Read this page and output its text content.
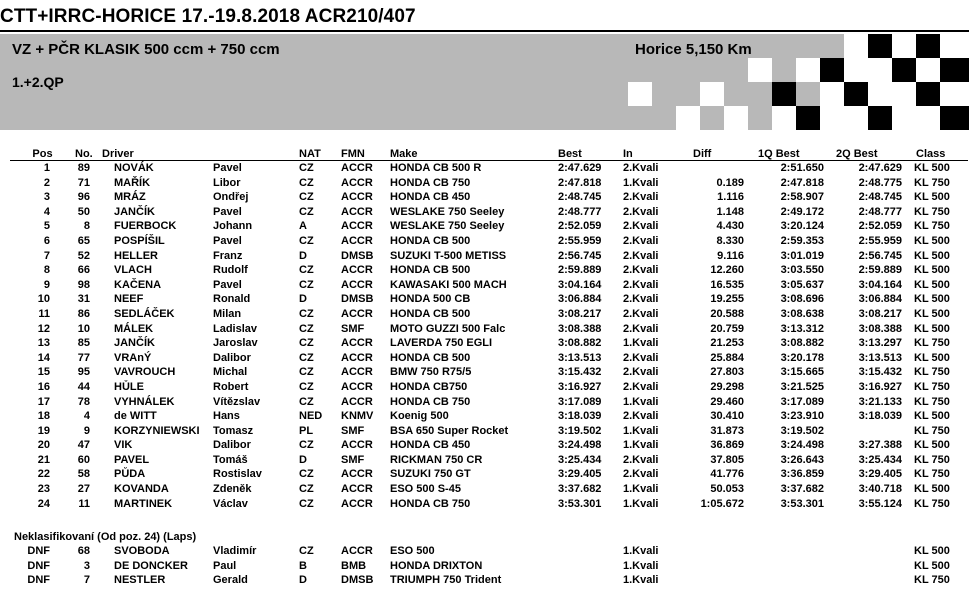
CTT+IRRC-HORICE 17.-19.8.2018 ACR210/407
VZ + PČR KLASIK 500 ccm + 750 ccm
1.+2.QP
Horice 5,150 Km
Pos	No.	Driver		NAT	FMN	Make	Best	In	Diff	1Q Best	2Q Best	Class
1	89	NOVÁK	Pavel	CZ	ACCR	HONDA CB 500 R	2:47.629	2.Kvali		2:51.650	2:47.629	KL 500
2	71	MAŘÍK	Libor	CZ	ACCR	HONDA CB 750	2:47.818	1.Kvali	0.189	2:47.818	2:48.775	KL 750
3	96	MRÁZ	Ondřej	CZ	ACCR	HONDA CB 450	2:48.745	2.Kvali	1.116	2:58.907	2:48.745	KL 500
4	50	JANČÍK	Pavel	CZ	ACCR	WESLAKE 750 Seeley	2:48.777	2.Kvali	1.148	2:49.172	2:48.777	KL 750
5	8	FUERBOCK	Johann	A	ACCR	WESLAKE 750 Seeley	2:52.059	2.Kvali	4.430	3:20.124	2:52.059	KL 750
6	65	POSPÍŠIL	Pavel	CZ	ACCR	HONDA CB 500	2:55.959	2.Kvali	8.330	2:59.353	2:55.959	KL 500
7	52	HELLER	Franz	D	DMSB	SUZUKI T-500 METISS	2:56.745	2.Kvali	9.116	3:01.019	2:56.745	KL 500
8	66	VLACH	Rudolf	CZ	ACCR	HONDA CB 500	2:59.889	2.Kvali	12.260	3:03.550	2:59.889	KL 500
9	98	KAČENA	Pavel	CZ	ACCR	KAWASAKI 500 MACH	3:04.164	2.Kvali	16.535	3:05.637	3:04.164	KL 500
10	31	NEEF	Ronald	D	DMSB	HONDA 500 CB	3:06.884	2.Kvali	19.255	3:08.696	3:06.884	KL 500
11	86	SEDLÁČEK	Milan	CZ	ACCR	HONDA CB 500	3:08.217	2.Kvali	20.588	3:08.638	3:08.217	KL 500
12	10	MÁLEK	Ladislav	CZ	SMF	MOTO GUZZI 500 Falc	3:08.388	2.Kvali	20.759	3:13.312	3:08.388	KL 500
13	85	JANČÍK	Jaroslav	CZ	ACCR	LAVERDA 750 EGLI	3:08.882	1.Kvali	21.253	3:08.882	3:13.297	KL 750
14	77	VRAnÝ	Dalibor	CZ	ACCR	HONDA CB 500	3:13.513	2.Kvali	25.884	3:20.178	3:13.513	KL 500
15	95	VAVROUCH	Michal	CZ	ACCR	BMW 750 R75/5	3:15.432	2.Kvali	27.803	3:15.665	3:15.432	KL 750
16	44	HŮLE	Robert	CZ	ACCR	HONDA CB750	3:16.927	2.Kvali	29.298	3:21.525	3:16.927	KL 750
17	78	VYHNÁLEK	Vítězslav	CZ	ACCR	HONDA CB 750	3:17.089	1.Kvali	29.460	3:17.089	3:21.133	KL 750
18	4	de WITT	Hans	NED	KNMV	Koenig 500	3:18.039	2.Kvali	30.410	3:23.910	3:18.039	KL 500
19	9	KORZYNIEWSKI	Tomasz	PL	SMF	BSA 650 Super Rocket	3:19.502	1.Kvali	31.873	3:19.502		KL 750
20	47	VIK	Dalibor	CZ	ACCR	HONDA CB 450	3:24.498	1.Kvali	36.869	3:24.498	3:27.388	KL 500
21	60	PAVEL	Tomáš	D	SMF	RICKMAN 750 CR	3:25.434	2.Kvali	37.805	3:26.643	3:25.434	KL 750
22	58	PŮDA	Rostislav	CZ	ACCR	SUZUKI 750 GT	3:29.405	2.Kvali	41.776	3:36.859	3:29.405	KL 750
23	27	KOVANDA	Zdeněk	CZ	ACCR	ESO 500 S-45	3:37.682	1.Kvali	50.053	3:37.682	3:40.718	KL 500
24	11	MARTINEK	Václav	CZ	ACCR	HONDA CB 750	3:53.301	1.Kvali	1:05.672	3:53.301	3:55.124	KL 750
Neklasifikovaní (Od poz. 24) (Laps)
DNF	68	SVOBODA	Vladimír	CZ	ACCR	ESO 500		1.Kvali				KL 500
DNF	3	DE DONCKER	Paul	B	BMB	HONDA DRIXTON		1.Kvali				KL 500
DNF	7	NESTLER	Gerald	D	DMSB	TRIUMPH 750 Trident		1.Kvali				KL 750
